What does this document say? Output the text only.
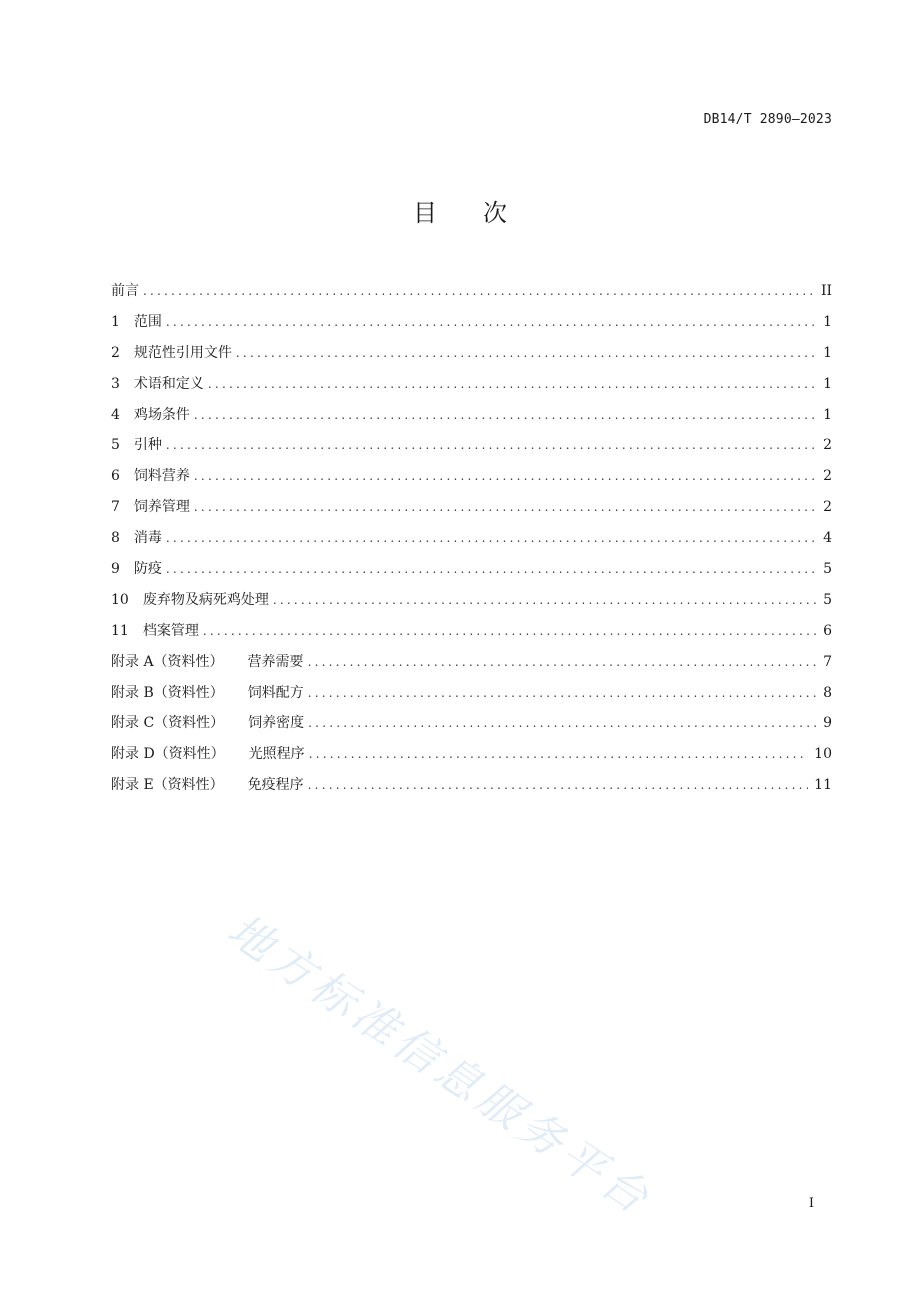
DB14/T 2890—2023
目 次
前言 .....	II
1	范围 .....	1
2	规范性引用文件 .....	1
3	术语和定义 .....	1
4	鸡场条件 .....	1
5	引种 .....	2
6	饲料营养 .....	2
7	饲养管理 .....	2
8	消毒 .....	4
9	防疫 .....	5
10	废弃物及病死鸡处理 .....	5
11	档案管理 .....	6
附录 A（资料性）	营养需要 .....	7
附录 B（资料性）	饲料配方 .....	8
附录 C（资料性）	饲养密度 .....	9
附录 D（资料性）	光照程序 .....	10
附录 E（资料性）	免疫程序 .....	11
地方标准信息服务平台	I
